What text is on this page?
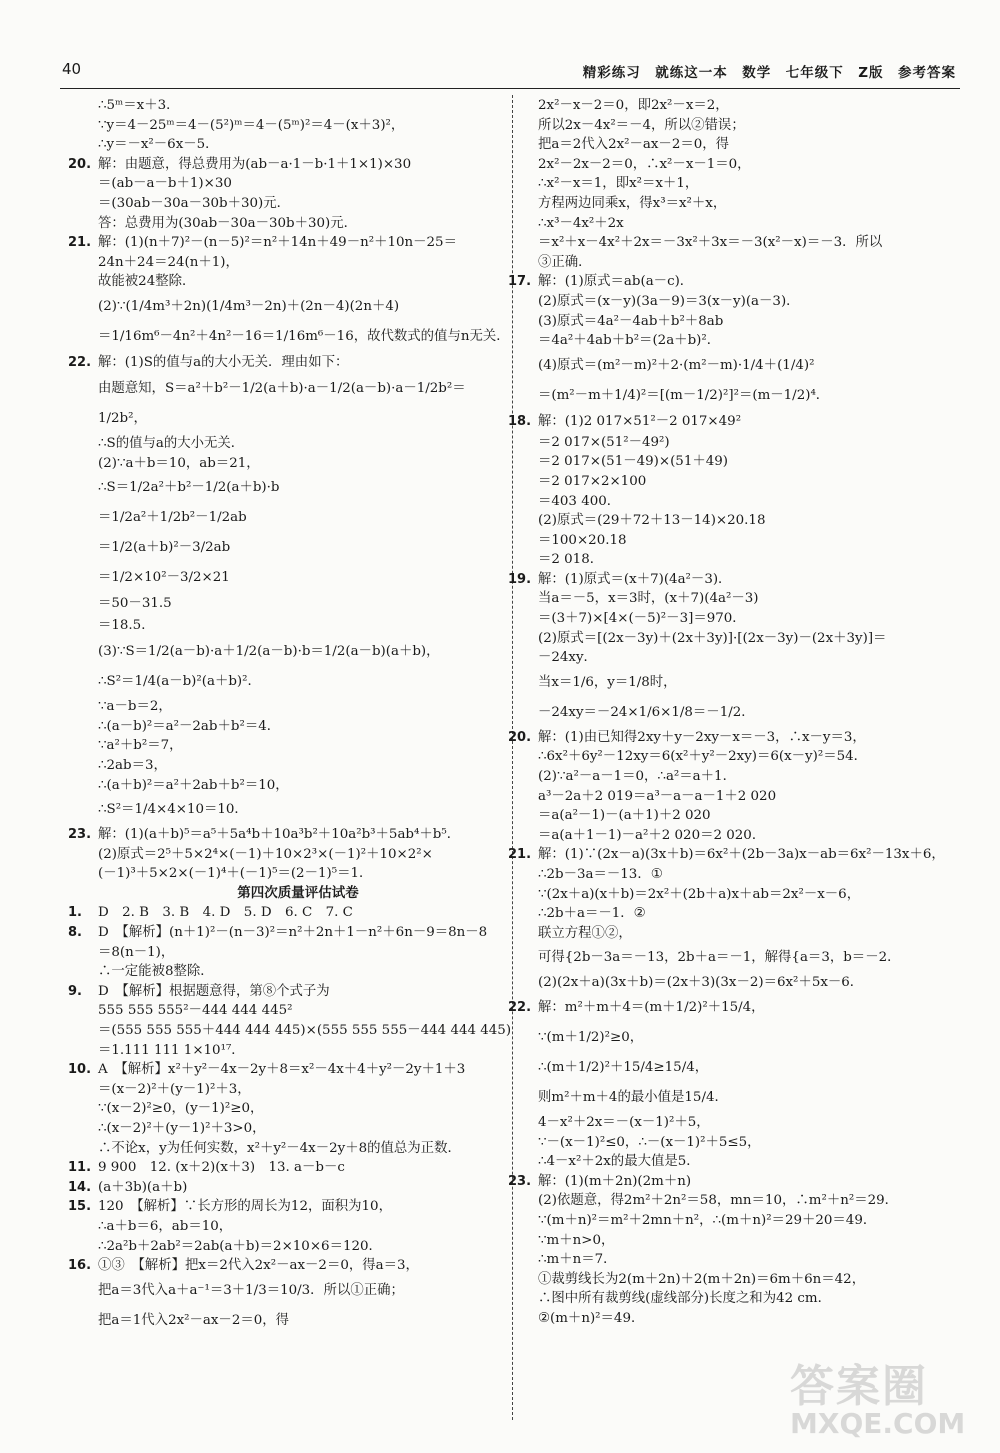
40	精彩练习　就练这一本　数学　七年级下　Z版　参考答案
∴5ᵐ＝x＋3．
∵y＝4－25ᵐ＝4－(5²)ᵐ＝4－(5ᵐ)²＝4－(x＋3)²，
∴y＝－x²－6x－5．
20. 解：由题意，得总费用为(ab－a·1－b·1＋1×1)×30
＝(ab－a－b＋1)×30
＝(30ab－30a－30b＋30)元．
答：总费用为(30ab－30a－30b＋30)元．
21. 解：(1)(n＋7)²－(n－5)²＝n²＋14n＋49－n²＋10n－25＝
24n＋24＝24(n＋1)，
故能被24整除．
(2)∵(1/4m³＋2n)(1/4m³－2n)＋(2n－4)(2n＋4)
＝1/16m⁶－4n²＋4n²－16＝1/16m⁶－16，故代数式的值与n无关．
22. 解：(1)S的值与a的大小无关．理由如下：
由题意知，S＝a²＋b²－1/2(a＋b)·a－1/2(a－b)·a－1/2b²＝
1/2b²，
∴S的值与a的大小无关．
(2)∵a＋b＝10，ab＝21，
∴S＝1/2a²＋b²－1/2(a＋b)·b
＝1/2a²＋1/2b²－1/2ab
＝1/2(a＋b)²－3/2ab
＝1/2×10²－3/2×21
＝50－31.5
＝18.5．
(3)∵S＝1/2(a－b)·a＋1/2(a－b)·b＝1/2(a－b)(a＋b)，
∴S²＝1/4(a－b)²(a＋b)²．
∵a－b＝2，
∴(a－b)²＝a²－2ab＋b²＝4．
∵a²＋b²＝7，
∴2ab＝3，
∴(a＋b)²＝a²＋2ab＋b²＝10，
∴S²＝1/4×4×10＝10．
23. 解：(1)(a＋b)⁵＝a⁵＋5a⁴b＋10a³b²＋10a²b³＋5ab⁴＋b⁵．
(2)原式＝2⁵＋5×2⁴×(－1)＋10×2³×(－1)²＋10×2²×
(－1)³＋5×2×(－1)⁴＋(－1)⁵＝(2－1)⁵＝1．
第四次质量评估试卷
1. D　2. B　3. B　4. D　5. D　6. C　7. C
8. D　【解析】(n＋1)²－(n－3)²＝n²＋2n＋1－n²＋6n－9＝8n－8
＝8(n－1)，
∴一定能被8整除．
9. D　【解析】根据题意得，第⑧个式子为
555 555 555²－444 444 445²
＝(555 555 555＋444 444 445)×(555 555 555－444 444 445)
＝1.111 111 1×10¹⁷．
10. A　【解析】x²＋y²－4x－2y＋8＝x²－4x＋4＋y²－2y＋1＋3
＝(x－2)²＋(y－1)²＋3，
∵(x－2)²≥0，(y－1)²≥0，
∴(x－2)²＋(y－1)²＋3>0，
∴不论x，y为任何实数，x²＋y²－4x－2y＋8的值总为正数．
11. 9 900　12. (x＋2)(x＋3)　13. a－b－c
14. (a＋3b)(a＋b)
15. 120　【解析】∵长方形的周长为12，面积为10，
∴a＋b＝6，ab＝10，
∴2a²b＋2ab²＝2ab(a＋b)＝2×10×6＝120．
16. ①③　【解析】把x＝2代入2x²－ax－2＝0，得a＝3，
把a＝3代入a＋a⁻¹＝3＋1/3＝10/3．所以①正确；
把a＝1代入2x²－ax－2＝0，得
2x²－x－2＝0，即2x²－x＝2，
所以2x－4x²＝－4，所以②错误；
把a＝2代入2x²－ax－2＝0，得
2x²－2x－2＝0，∴x²－x－1＝0，
∴x²－x＝1，即x²＝x＋1，
方程两边同乘x，得x³＝x²＋x，
∴x³－4x²＋2x
＝x²＋x－4x²＋2x＝－3x²＋3x＝－3(x²－x)＝－3．所以
③正确．
17. 解：(1)原式＝ab(a－c)．
(2)原式＝(x－y)(3a－9)＝3(x－y)(a－3)．
(3)原式＝4a²－4ab＋b²＋8ab
＝4a²＋4ab＋b²＝(2a＋b)²．
(4)原式＝(m²－m)²＋2·(m²－m)·1/4＋(1/4)²
＝(m²－m＋1/4)²＝[(m－1/2)²]²＝(m－1/2)⁴．
18. 解：(1)2 017×51²－2 017×49²
＝2 017×(51²－49²)
＝2 017×(51－49)×(51＋49)
＝2 017×2×100
＝403 400．
(2)原式＝(29＋72＋13－14)×20.18
＝100×20.18
＝2 018．
19. 解：(1)原式＝(x＋7)(4a²－3)．
当a＝－5，x＝3时，(x＋7)(4a²－3)
＝(3＋7)×[4×(－5)²－3]＝970．
(2)原式＝[(2x－3y)＋(2x＋3y)]·[(2x－3y)－(2x＋3y)]＝
－24xy．
当x＝1/6，y＝1/8时，
－24xy＝－24×1/6×1/8＝－1/2．
20. 解：(1)由已知得2xy＋y－2xy－x＝－3，∴x－y＝3，
∴6x²＋6y²－12xy＝6(x²＋y²－2xy)＝6(x－y)²＝54．
(2)∵a²－a－1＝0，∴a²＝a＋1．
a³－2a＋2 019＝a³－a－a－1＋2 020
＝a(a²－1)－(a＋1)＋2 020
＝a(a＋1－1)－a²＋2 020＝2 020．
21. 解：(1)∵(2x－a)(3x＋b)＝6x²＋(2b－3a)x－ab＝6x²－13x＋6，
∴2b－3a＝－13．①
∵(2x＋a)(x＋b)＝2x²＋(2b＋a)x＋ab＝2x²－x－6，
∴2b＋a＝－1．②
联立方程①②，
可得{2b－3a＝－13，2b＋a＝－1，解得{a＝3，b＝－2．
(2)(2x＋a)(3x＋b)＝(2x＋3)(3x－2)＝6x²＋5x－6．
22. 解：m²＋m＋4＝(m＋1/2)²＋15/4，
∵(m＋1/2)²≥0，
∴(m＋1/2)²＋15/4≥15/4，
则m²＋m＋4的最小值是15/4．
4－x²＋2x＝－(x－1)²＋5，
∵－(x－1)²≤0，∴－(x－1)²＋5≤5，
∴4－x²＋2x的最大值是5．
23. 解：(1)(m＋2n)(2m＋n)
(2)依题意，得2m²＋2n²＝58，mn＝10，∴m²＋n²＝29．
∵(m＋n)²＝m²＋2mn＋n²，∴(m＋n)²＝29＋20＝49．
∵m＋n>0，
∴m＋n＝7．
①裁剪线长为2(m＋2n)＋2(m＋2n)＝6m＋6n＝42，
∴图中所有裁剪线(虚线部分)长度之和为42 cm．
②(m＋n)²＝49．
答案圈
MXQE.COM
